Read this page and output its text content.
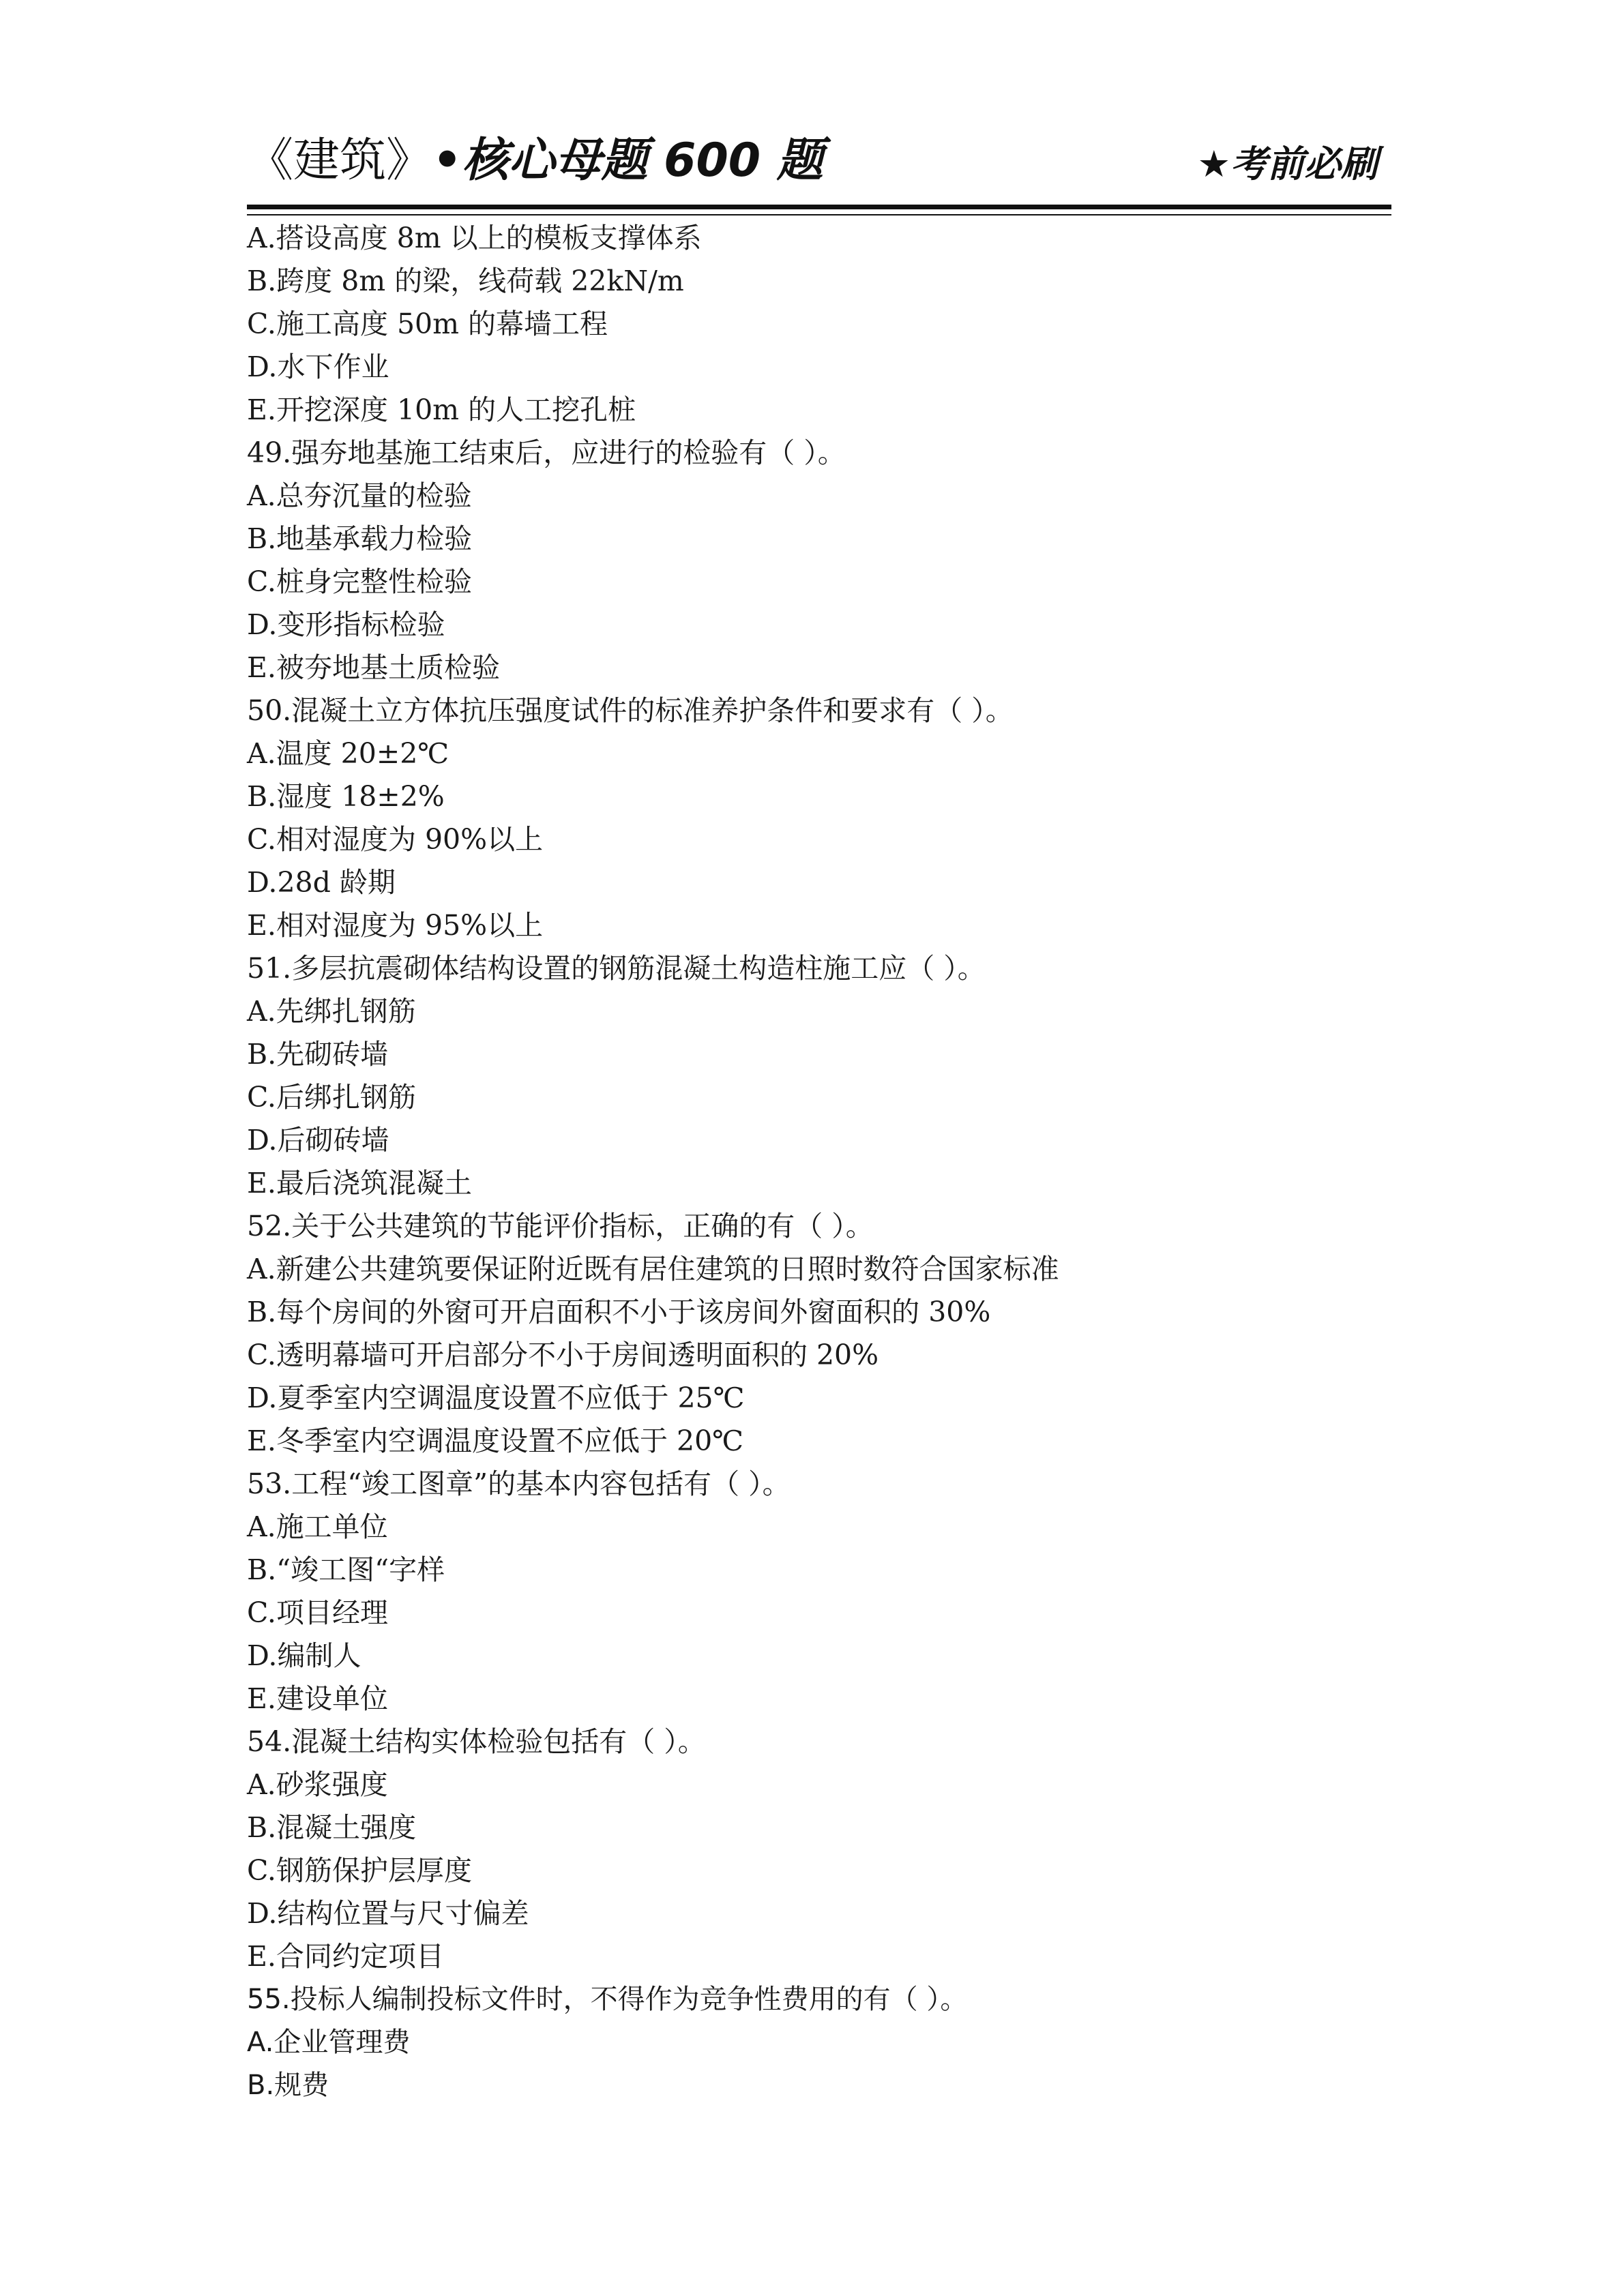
《建筑》•核心母题 600 题	★考前必刷
A.搭设高度 8m 以上的模板支撑体系
B.跨度 8m 的梁，线荷载 22kN/m
C.施工高度 50m 的幕墙工程
D.水下作业
E.开挖深度 10m 的人工挖孔桩
49.强夯地基施工结束后，应进行的检验有（ ）。
A.总夯沉量的检验
B.地基承载力检验
C.桩身完整性检验
D.变形指标检验
E.被夯地基土质检验
50.混凝土立方体抗压强度试件的标准养护条件和要求有（ ）。
A.温度 20±2℃
B.湿度 18±2%
C.相对湿度为 90%以上
D.28d 龄期
E.相对湿度为 95%以上
51.多层抗震砌体结构设置的钢筋混凝土构造柱施工应（ ）。
A.先绑扎钢筋
B.先砌砖墙
C.后绑扎钢筋
D.后砌砖墙
E.最后浇筑混凝土
52.关于公共建筑的节能评价指标，正确的有（ ）。
A.新建公共建筑要保证附近既有居住建筑的日照时数符合国家标准
B.每个房间的外窗可开启面积不小于该房间外窗面积的 30%
C.透明幕墙可开启部分不小于房间透明面积的 20%
D.夏季室内空调温度设置不应低于 25℃
E.冬季室内空调温度设置不应低于 20℃
53.工程“竣工图章”的基本内容包括有（ ）。
A.施工单位
B.“竣工图“字样
C.项目经理
D.编制人
E.建设单位
54.混凝土结构实体检验包括有（ ）。
A.砂浆强度
B.混凝土强度
C.钢筋保护层厚度
D.结构位置与尺寸偏差
E.合同约定项目
55.投标人编制投标文件时，不得作为竞争性费用的有（ ）。
A.企业管理费
B.规费
